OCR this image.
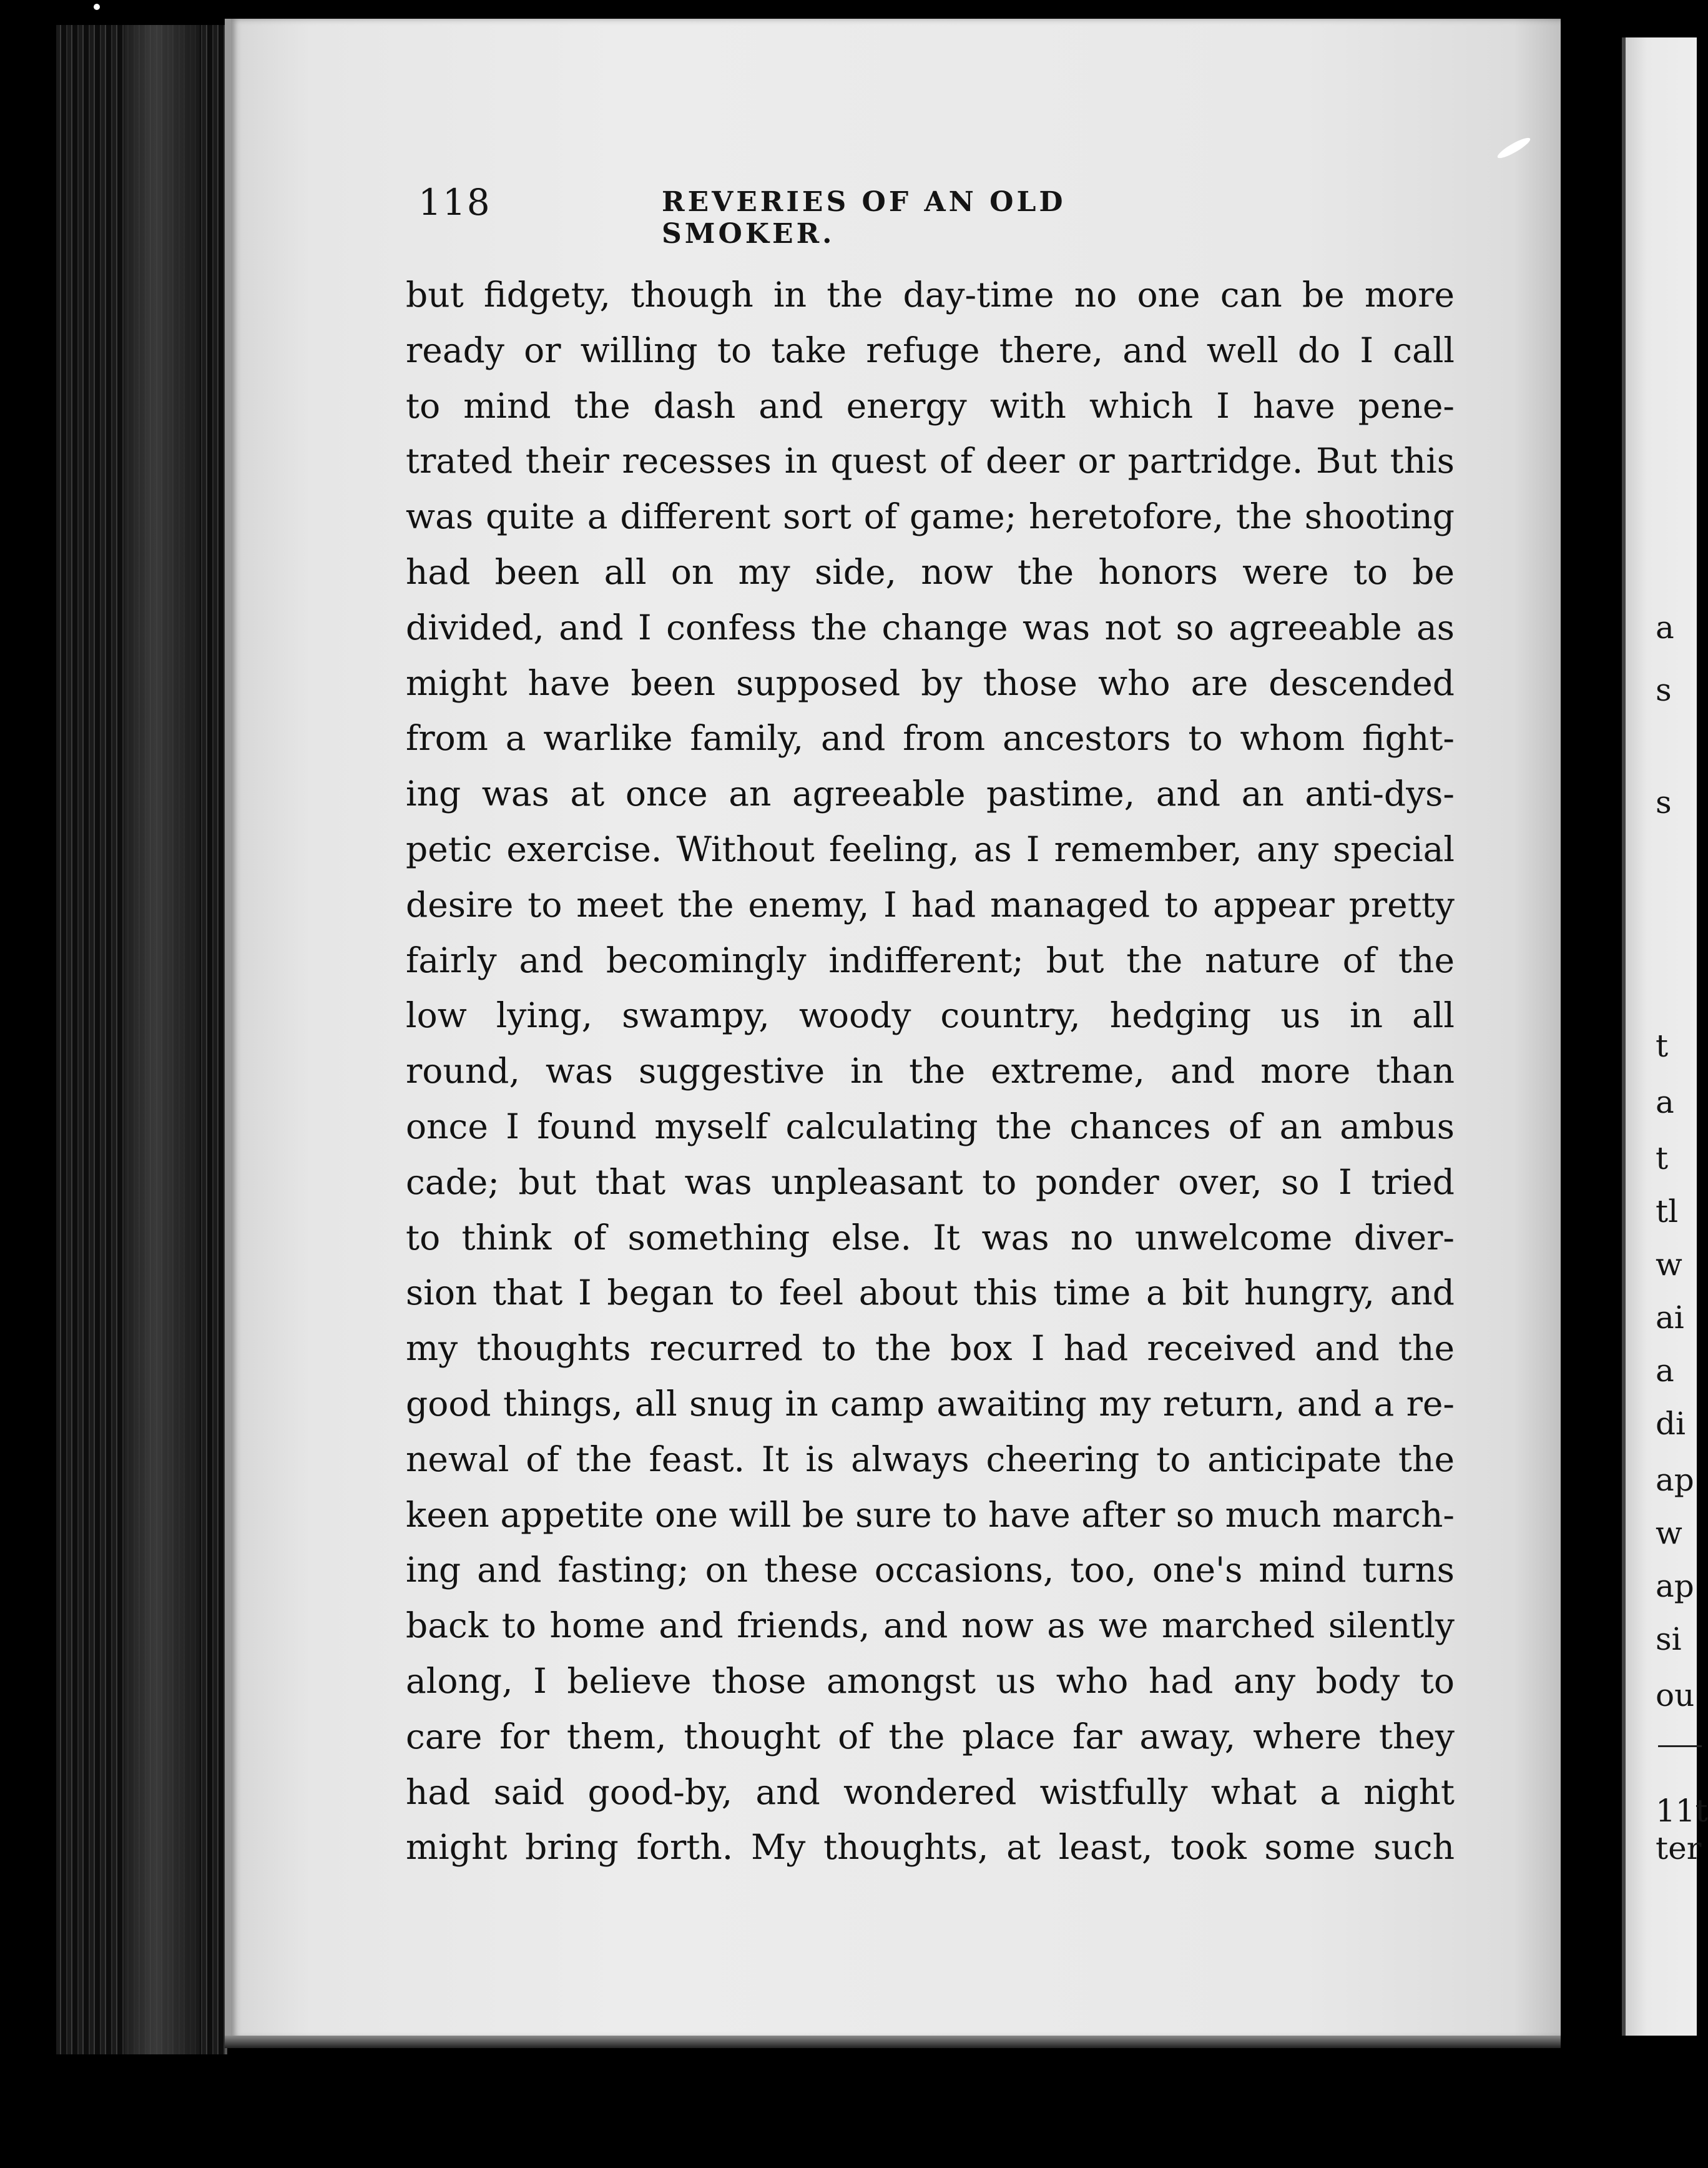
118	REVERIES OF AN OLD SMOKER.
but fidgety, though in the day-time no one can be more
ready or willing to take refuge there, and well do I call
to mind the dash and energy with which I have pene-
trated their recesses in quest of deer or partridge. But this
was quite a different sort of game; heretofore, the shooting
had been all on my side, now the honors were to be
divided, and I confess the change was not so agreeable as
might have been supposed by those who are descended
from a warlike family, and from ancestors to whom fight-
ing was at once an agreeable pastime, and an anti-dys-
petic exercise. Without feeling, as I remember, any special
desire to meet the enemy, I had managed to appear pretty
fairly and becomingly indifferent; but the nature of the
low lying, swampy, woody country, hedging us in all
round, was suggestive in the extreme, and more than
once I found myself calculating the chances of an ambus
cade; but that was unpleasant to ponder over, so I tried
to think of something else. It was no unwelcome diver-
sion that I began to feel about this time a bit hungry, and
my thoughts recurred to the box I had received and the
good things, all snug in camp awaiting my return, and a re-
newal of the feast. It is always cheering to anticipate the
keen appetite one will be sure to have after so much march-
ing and fasting; on these occasions, too, one's mind turns
back to home and friends, and now as we marched silently
along, I believe those amongst us who had any body to
care for them, thought of the place far away, where they
had said good-by, and wondered wistfully what a night
might bring forth. My thoughts, at least, took some such
a
s
s
t
a
t
tl
w
ai
a
di
ap
w
ap
si
ou
11t
ter
